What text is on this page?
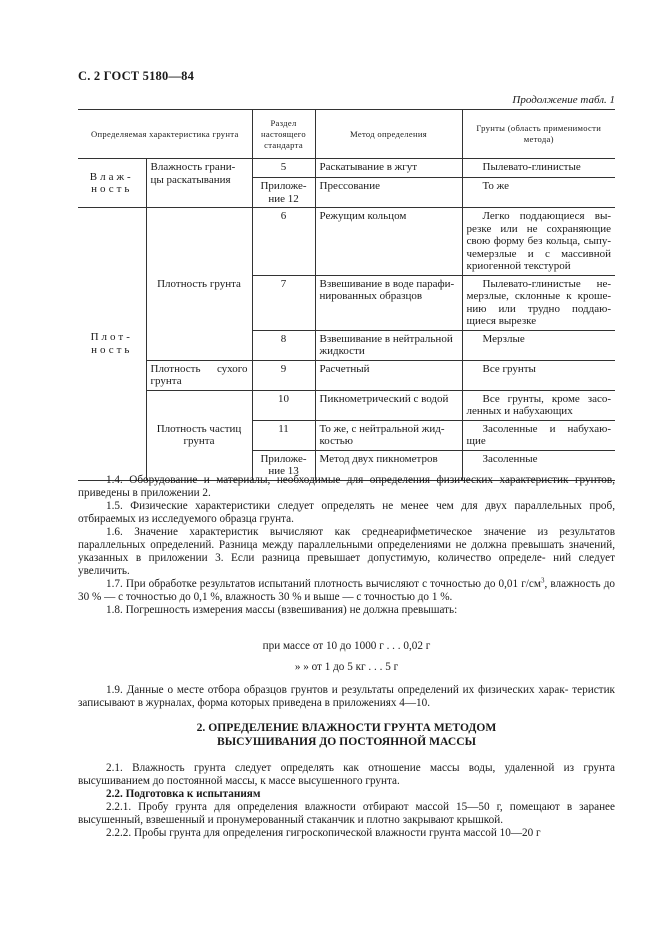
С. 2 ГОСТ 5180—84
Продолжение табл. 1
Определяемая характеристика грунта		Раздел настоящего стандарта	Метод определения	Грунты (область применимости метода)
Влаж- ность	Влажность грани- цы раскатывания	5	Раскатывание в жгут	Пылевато-глинистые
		Приложе- ние 12	Прессование	То же
Плот- ность	Плотность грунта	6	Режущим кольцом	Легко поддающиеся вы- резке или не сохраняющие свою форму без кольца, сыпу- чемерзлые и с массивной криогенной текстурой
		7	Взвешивание в воде парафи- нированных образцов	Пылевато-глинистые не- мерзлые, склонные к кроше- нию или трудно поддаю- щиеся вырезке
		8	Взвешивание в нейтральной жидкости	Мерзлые
	Плотность сухого грунта	9	Расчетный	Все грунты
	Плотность частиц грунта	10	Пикнометрический с водой	Все грунты, кроме засо- ленных и набухающих
		11	То же, с нейтральной жид- костью	Засоленные и набухаю- щие
		Приложе- ние 13	Метод двух пикнометров	Засоленные

1.4. Оборудование и материалы, необходимые для определения физических характеристик грунтов, приведены в приложении 2.

1.5. Физические характеристики следует определять не менее чем для двух параллельных проб, отбираемых из исследуемого образца грунта.

1.6. Значение характеристик вычисляют как среднеарифметическое значение из результатов параллельных определений. Разница между параллельными определениями не должна превышать значений, указанных в приложении 3. Если разница превышает допустимую, количество определе- ний следует увеличить.

1.7. При обработке результатов испытаний плотность вычисляют с точностью до 0,01 $г/см^3$, влажность до 30 % — с точностью до 0,1 %, влажность 30 % и выше — с точностью до 1 %.

1.8. Погрешность измерения массы (взвешивания) не должна превышать:

при массе от 10 до 1000 г . . . 0,02 г

» » от 1 до 5 кг . . . 5 г

1.9. Данные о месте отбора образцов грунтов и результаты определений их физических харак- теристик записывают в журналах, форма которых приведена в приложениях 4—10.

2. ОПРЕДЕЛЕНИЕ ВЛАЖНОСТИ ГРУНТА МЕТОДОМ ВЫСУШИВАНИЯ ДО ПОСТОЯННОЙ МАССЫ

2.1. Влажность грунта следует определять как отношение массы воды, удаленной из грунта высушиванием до постоянной массы, к массе высушенного грунта.

2.2. Подготовка к испытаниям

2.2.1. Пробу грунта для определения влажности отбирают массой 15—50 г, помещают в заранее высушенный, взвешенный и пронумерованный стаканчик и плотно закрывают крышкой.

2.2.2. Пробы грунта для определения гигроскопической влажности грунта массой 10—20 г
